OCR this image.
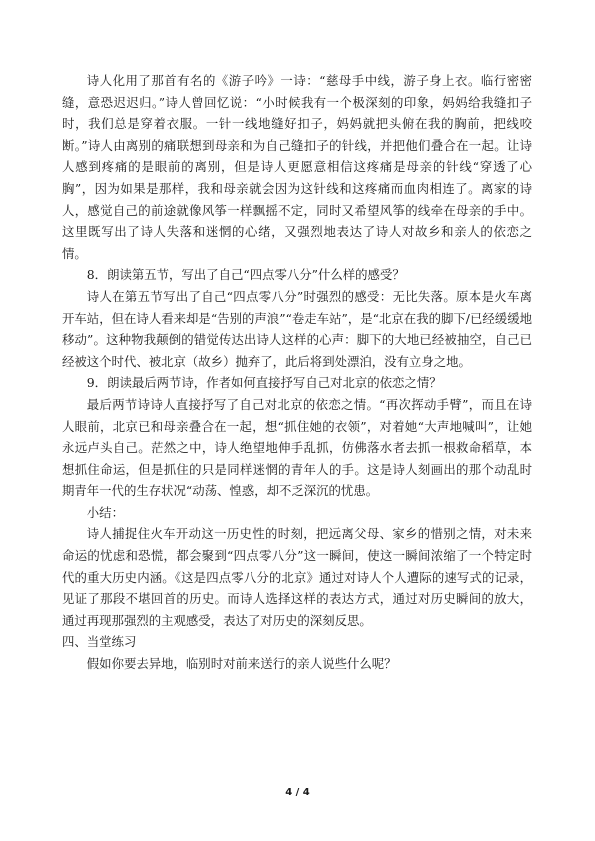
诗人化用了那首有名的《游子吟》一诗：“慈母手中线，游子身上衣。临行密密缝，意恐迟迟归。”诗人曾回忆说：“小时候我有一个极深刻的印象，妈妈给我缝扣子时，我们总是穿着衣服。一针一线地缝好扣子，妈妈就把头俯在我的胸前，把线咬断。”诗人由离别的痛联想到母亲和为自己缝扣子的针线，并把他们叠合在一起。让诗人感到疼痛的是眼前的离别，但是诗人更愿意相信这疼痛是母亲的针线“穿透了心胸”，因为如果是那样，我和母亲就会因为这针线和这疼痛而血肉相连了。离家的诗人，感觉自己的前途就像风筝一样飘摇不定，同时又希望风筝的线牵在母亲的手中。这里既写出了诗人失落和迷惘的心绪，又强烈地表达了诗人对故乡和亲人的依恋之情。

8．朗读第五节，写出了自己“四点零八分”什么样的感受？

诗人在第五节写出了自己“四点零八分”时强烈的感受：无比失落。原本是火车离开车站，但在诗人看来却是“告别的声浪”“卷走车站”，是“北京在我的脚下/已经缓缓地移动”。这种物我颠倒的错觉传达出诗人这样的心声：脚下的大地已经被抽空，自己已经被这个时代、被北京（故乡）抛弃了，此后将到处漂泊，没有立身之地。

9．朗读最后两节诗，作者如何直接抒写自己对北京的依恋之情？

最后两节诗诗人直接抒写了自己对北京的依恋之情。“再次挥动手臂”，而且在诗人眼前，北京已和母亲叠合在一起，想“抓住她的衣领”，对着她“大声地喊叫”，让她永远卢头自己。茫然之中，诗人绝望地伸手乱抓，仿佛落水者去抓一根救命稻草，本想抓住命运，但是抓住的只是同样迷惘的青年人的手。这是诗人刻画出的那个动乱时期青年一代的生存状况“动荡、惶惑，却不乏深沉的忧患。

小结：

诗人捕捉住火车开动这一历史性的时刻，把远离父母、家乡的惜别之情，对未来命运的忧虑和恐慌，都会聚到“四点零八分”这一瞬间，使这一瞬间浓缩了一个特定时代的重大历史内涵。《这是四点零八分的北京》通过对诗人个人遭际的速写式的记录，见证了那段不堪回首的历史。而诗人选择这样的表达方式，通过对历史瞬间的放大，通过再现那强烈的主观感受，表达了对历史的深刻反思。

四、当堂练习

假如你要去异地，临别时对前来送行的亲人说些什么呢？

4 / 4
